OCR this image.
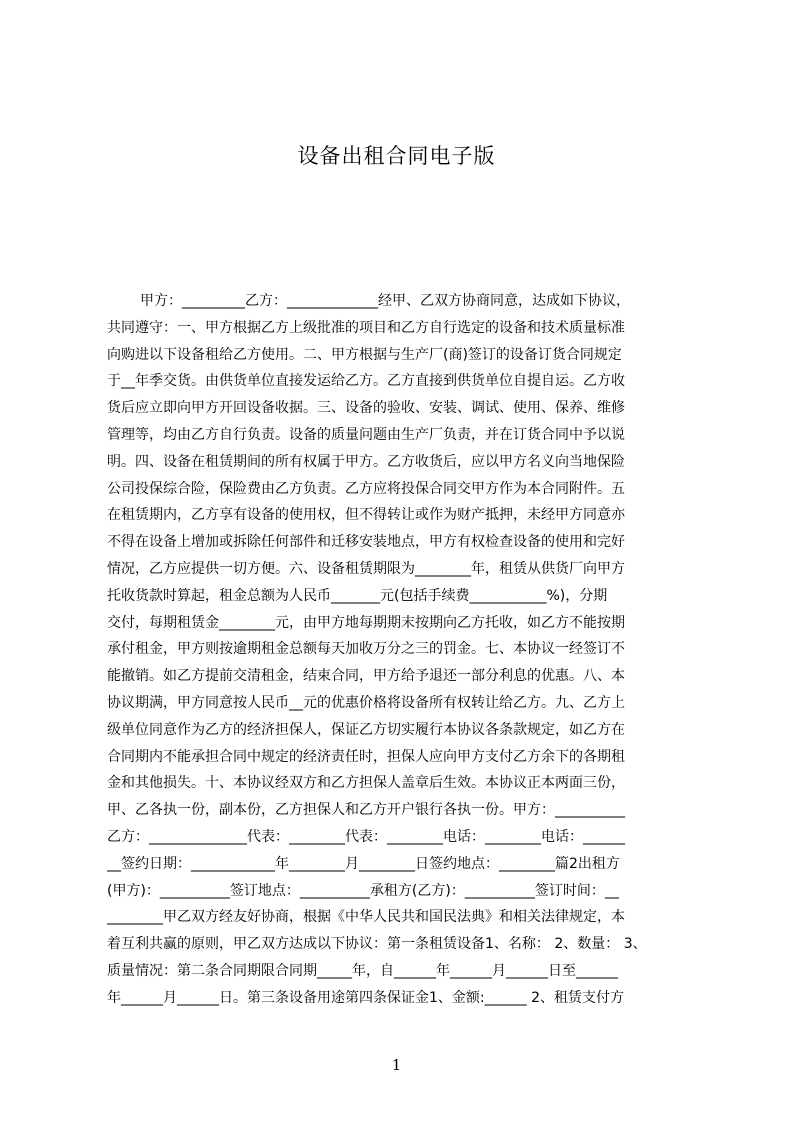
设备出租合同电子版
甲方：_________乙方：_____________经甲、乙双方协商同意，达成如下协议，
共同遵守：一、甲方根据乙方上级批准的项目和乙方自行选定的设备和技术质量标准
向购进以下设备租给乙方使用。二、甲方根据与生产厂(商)签订的设备订货合同规定
于__年季交货。由供货单位直接发运给乙方。乙方直接到供货单位自提自运。乙方收
货后应立即向甲方开回设备收据。三、设备的验收、安装、调试、使用、保养、维修
管理等，均由乙方自行负责。设备的质量问题由生产厂负责，并在订货合同中予以说
明。四、设备在租赁期间的所有权属于甲方。乙方收货后，应以甲方名义向当地保险
公司投保综合险，保险费由乙方负责。乙方应将投保合同交甲方作为本合同附件。五
在租赁期内，乙方享有设备的使用权，但不得转让或作为财产抵押，未经甲方同意亦
不得在设备上增加或拆除任何部件和迁移安装地点，甲方有权检查设备的使用和完好
情况，乙方应提供一切方便。六、设备租赁期限为________年，租赁从供货厂向甲方
托收货款时算起，租金总额为人民币_______元(包括手续费___________%)，分期
交付，每期租赁金________元，由甲方地每期期末按期向乙方托收，如乙方不能按期
承付租金，甲方则按逾期租金总额每天加收万分之三的罚金。七、本协议一经签订不
能撤销。如乙方提前交清租金，结束合同，甲方给予退还一部分利息的优惠。八、本
协议期满，甲方同意按人民币__元的优惠价格将设备所有权转让给乙方。九、乙方上
级单位同意作为乙方的经济担保人，保证乙方切实履行本协议各条款规定，如乙方在
合同期内不能承担合同中规定的经济责任时，担保人应向甲方支付乙方余下的各期租
金和其他损失。十、本协议经双方和乙方担保人盖章后生效。本协议正本两面三份，
甲、乙各执一份，副本份，乙方担保人和乙方开户银行各执一份。甲方：__________
乙方：______________代表：________代表：________电话：________电话：______
__签约日期：____________年________月________日签约地点：________篇2出租方
(甲方)：__________签订地点：__________承租方(乙方)：__________签订时间：__
________甲乙双方经友好协商，根据《中华人民共和国民法典》和相关法律规定，本
着互利共赢的原则，甲乙双方达成以下协议：第一条租赁设备1、名称： 2、数量： 3、
质量情况：第二条合同期限合同期_____年，自______年______月______日至______
年______月______日。第三条设备用途第四条保证金1、金额:______ 2、租赁支付方
1
